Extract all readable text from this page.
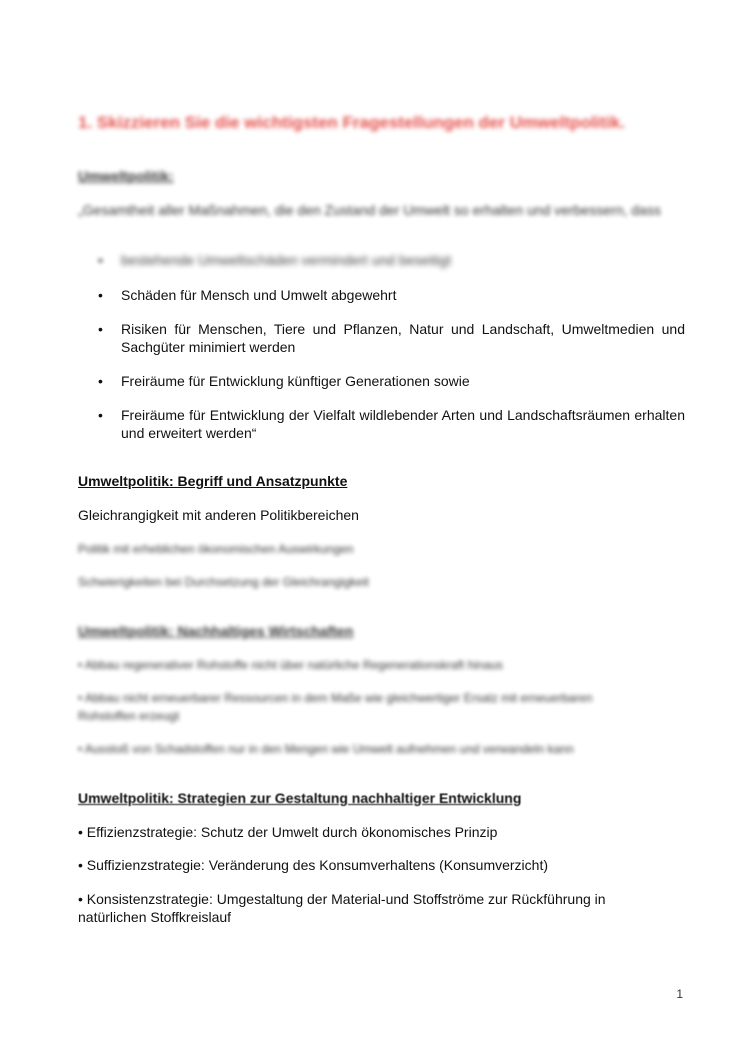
1. Skizzieren Sie die wichtigsten Fragestellungen der Umweltpolitik.
Umweltpolitik:
„Gesamtheit aller Maßnahmen, die den Zustand der Umwelt so erhalten und verbessern, dass
• bestehende Umweltschäden vermindert und beseitigt
• Schäden für Mensch und Umwelt abgewehrt
• Risiken für Menschen, Tiere und Pflanzen, Natur und Landschaft, Umweltmedien und Sachgüter minimiert werden
• Freiräume für Entwicklung künftiger Generationen sowie
• Freiräume für Entwicklung der Vielfalt wildlebender Arten und Landschaftsräumen erhalten und erweitert werden“
Umweltpolitik: Begriff und Ansatzpunkte
Gleichrangigkeit mit anderen Politikbereichen
Politik mit erheblichen ökonomischen Auswirkungen
Schwierigkeiten bei Durchsetzung der Gleichrangigkeit
Umweltpolitik: Nachhaltiges Wirtschaften
• Abbau regenerativer Rohstoffe nicht über natürliche Regenerationskraft hinaus
• Abbau nicht erneuerbarer Ressourcen in dem Maße wie gleichwertiger Ersatz mit erneuerbaren Rohstoffen erzeugt
• Ausstoß von Schadstoffen nur in den Mengen wie Umwelt aufnehmen und verwandeln kann
Umweltpolitik: Strategien zur Gestaltung nachhaltiger Entwicklung
• Effizienzstrategie: Schutz der Umwelt durch ökonomisches Prinzip
• Suffizienzstrategie: Veränderung des Konsumverhaltens (Konsumverzicht)
• Konsistenzstrategie: Umgestaltung der Material-und Stoffströme zur Rückführung in natürlichen Stoffkreislauf
1
